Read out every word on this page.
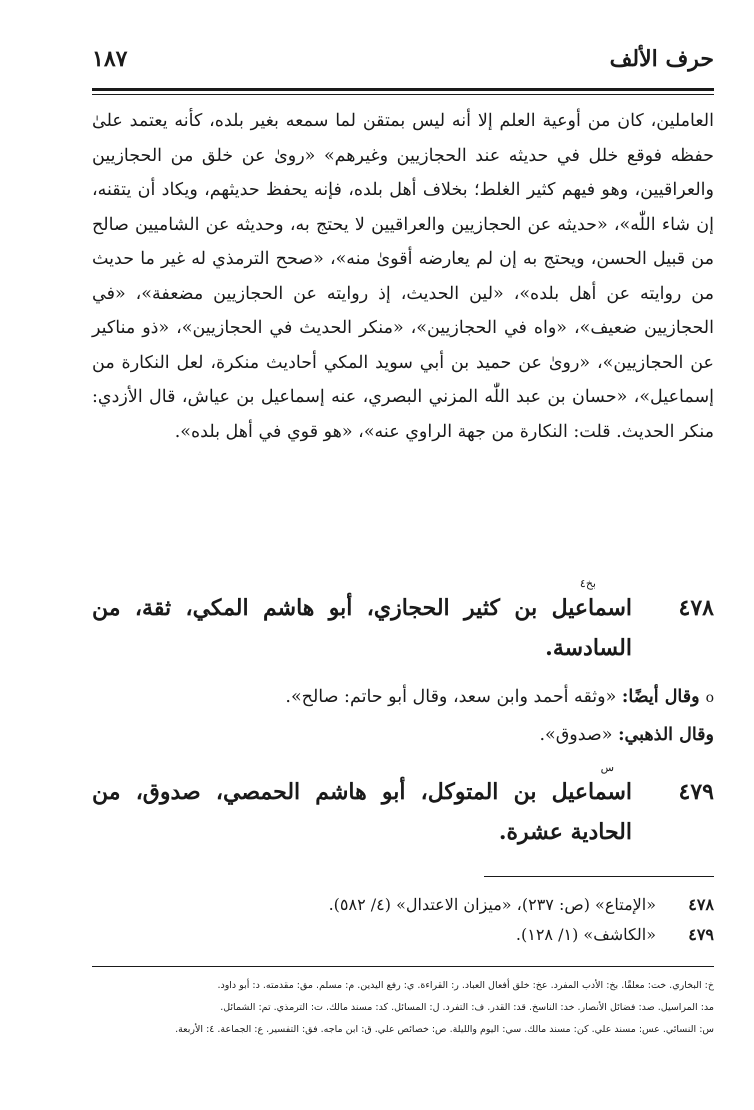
حرف الألف
١٨٧
العاملين، كان من أوعية العلم إلا أنه ليس بمتقن لما سمعه بغير بلده، كأنه يعتمد علىٰ حفظه فوقع خلل في حديثه عند الحجازيين وغيرهم» «روىٰ عن خلق من الحجازيين والعراقيين، وهو فيهم كثير الغلط؛ بخلاف أهل بلده، فإنه يحفظ حديثهم، ويكاد أن يتقنه، إن شاء اللّٰه»، «حديثه عن الحجازيين والعراقيين لا يحتج به، وحديثه عن الشاميين صالح من قبيل الحسن، ويحتج به إن لم يعارضه أقوىٰ منه»، «صحح الترمذي له غير ما حديث من روايته عن أهل بلده»، «لين الحديث، إذ روايته عن الحجازيين مضعفة»، «في الحجازيين ضعيف»، «واه في الحجازيين»، «منكر الحديث في الحجازيين»، «ذو مناكير عن الحجازيين»، «روىٰ عن حميد بن أبي سويد المكي أحاديث منكرة، لعل النكارة من إسماعيل»، «حسان بن عبد اللّٰه المزني البصري، عنه إسماعيل بن عياش، قال الأزدي: منكر الحديث. قلت: النكارة من جهة الراوي عنه»، «هو قوي في أهل بلده».
بخ٤
٤٧٨
اسماعيل بن كثير الحجازي، أبو هاشم المكي، ثقة، من السادسة.
oوقال أيضًا: «وثقه أحمد وابن سعد، وقال أبو حاتم: صالح».
وقال الذهبي: «صدوق».
س
٤٧٩
اسماعيل بن المتوكل، أبو هاشم الحمصي، صدوق، من الحادية عشرة.
٤٧٨«الإمتاع» (ص: ٢٣٧)، «ميزان الاعتدال» (٤/ ٥٨٢).
٤٧٩«الكاشف» (١/ ١٢٨).
خ: البخاري. خت: معلقًا. بخ: الأدب المفرد. عخ: خلق أفعال العباد. ر: القراءة. ي: رفع اليدين. م: مسلم. مق: مقدمته. د: أبو داود.
مد: المراسيل. صد: فضائل الأنصار. خد: الناسخ. قد: القدر. ف: التفرد. ل: المسائل. كد: مسند مالك. ت: الترمذي. تم: الشمائل.
س: النسائي. عس: مسند علي. كن: مسند مالك. سي: اليوم والليلة. ص: خصائص علي. ق: ابن ماجه. فق: التفسير. ع: الجماعة. ٤: الأربعة.
